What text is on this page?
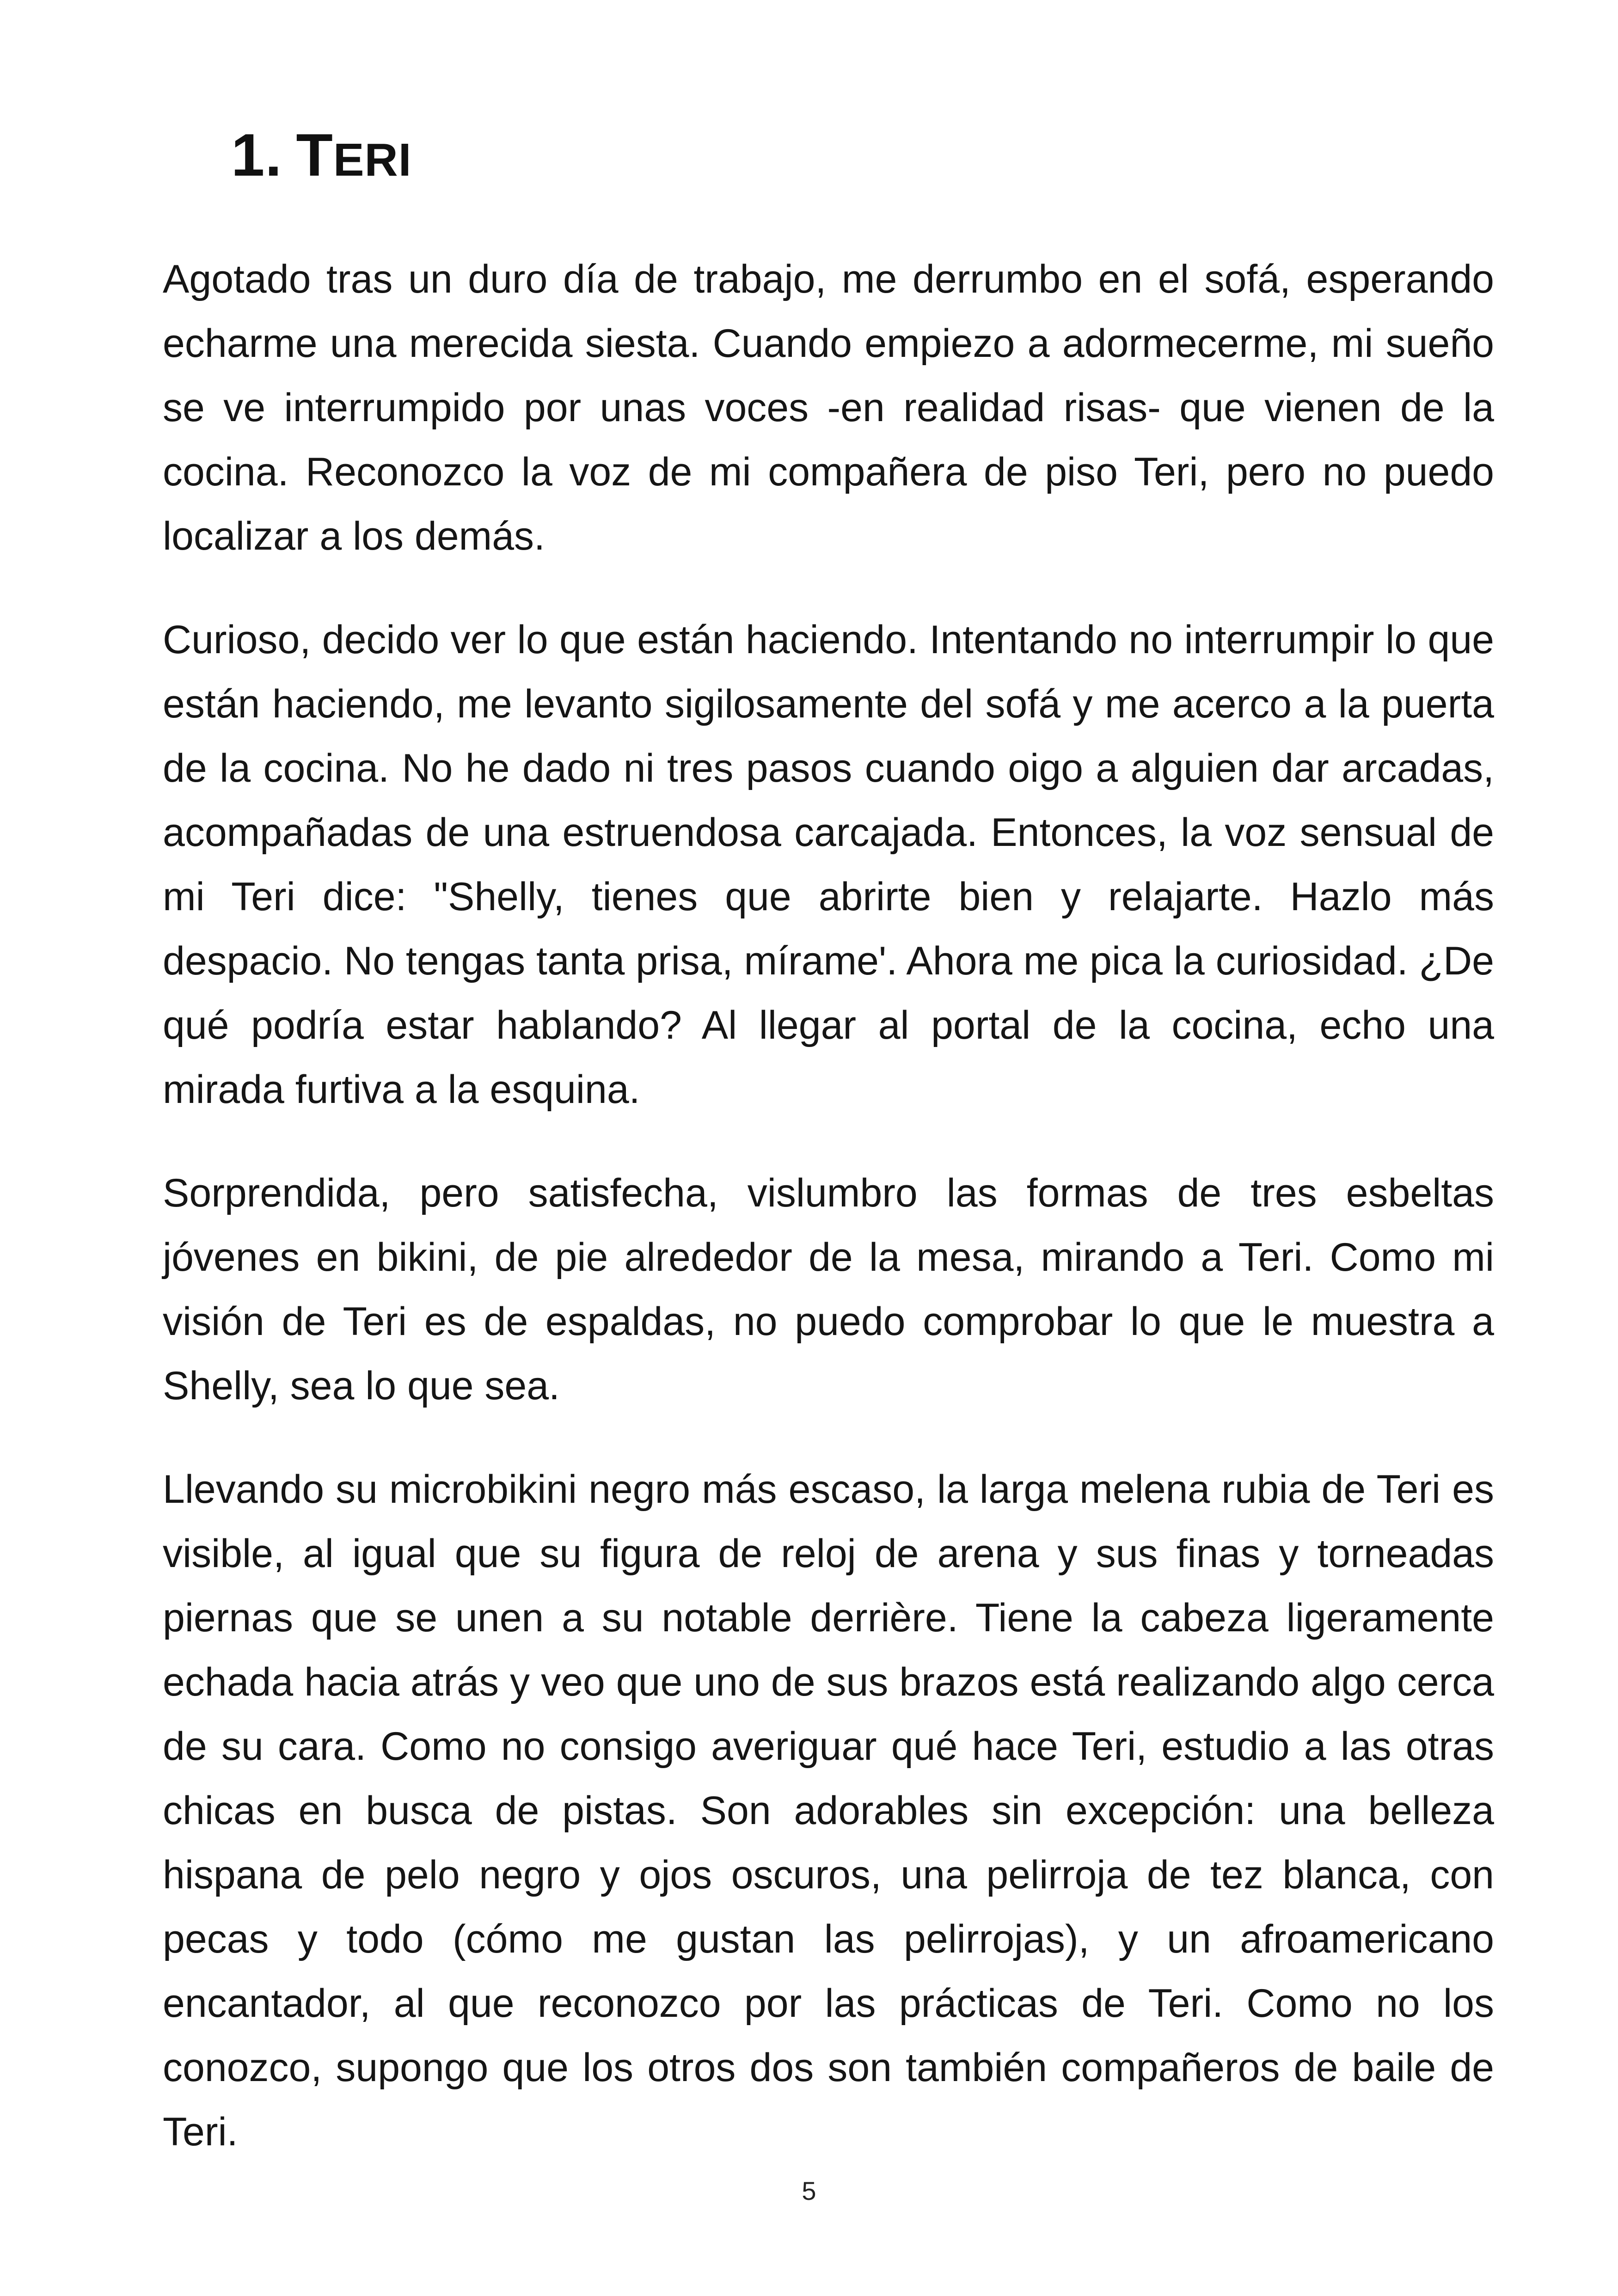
1. TERI

Agotado tras un duro día de trabajo, me derrumbo en el sofá, esperando echarme una merecida siesta. Cuando empiezo a adormecerme, mi sueño se ve interrumpido por unas voces -en realidad risas- que vienen de la cocina. Reconozco la voz de mi compañera de piso Teri, pero no puedo localizar a los demás.

Curioso, decido ver lo que están haciendo. Intentando no interrumpir lo que están haciendo, me levanto sigilosamente del sofá y me acerco a la puerta de la cocina. No he dado ni tres pasos cuando oigo a alguien dar arcadas, acompañadas de una estruendosa carcajada. Entonces, la voz sensual de mi Teri dice: "Shelly, tienes que abrirte bien y relajarte. Hazlo más despacio. No tengas tanta prisa, mírame'. Ahora me pica la curiosidad. ¿De qué podría estar hablando? Al llegar al portal de la cocina, echo una mirada furtiva a la esquina.

Sorprendida, pero satisfecha, vislumbro las formas de tres esbeltas jóvenes en bikini, de pie alrededor de la mesa, mirando a Teri. Como mi visión de Teri es de espaldas, no puedo comprobar lo que le muestra a Shelly, sea lo que sea.

Llevando su microbikini negro más escaso, la larga melena rubia de Teri es visible, al igual que su figura de reloj de arena y sus finas y torneadas piernas que se unen a su notable derrière. Tiene la cabeza ligeramente echada hacia atrás y veo que uno de sus brazos está realizando algo cerca de su cara. Como no consigo averiguar qué hace Teri, estudio a las otras chicas en busca de pistas. Son adorables sin excepción: una belleza hispana de pelo negro y ojos oscuros, una pelirroja de tez blanca, con pecas y todo (cómo me gustan las pelirrojas), y un afroamericano encantador, al que reconozco por las prácticas de Teri. Como no los conozco, supongo que los otros dos son también compañeros de baile de Teri.

5
